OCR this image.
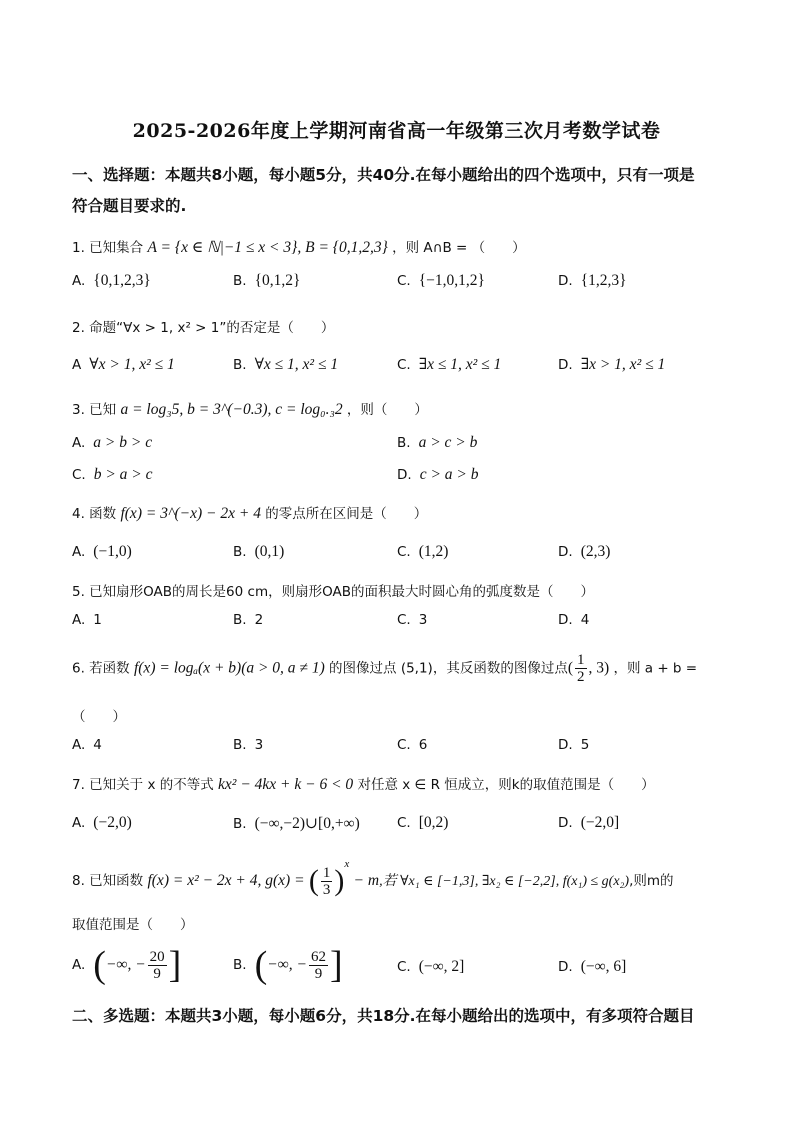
2025-2026年度上学期河南省高一年级第三次月考数学试卷
一、选择题：本题共8小题，每小题5分，共40分.在每小题给出的四个选项中，只有一项是
符合题目要求的.
1. 已知集合 A = {x ∈ ℕ|−1 ≤ x < 3}, B = {0,1,2,3} ，则 A∩B = （　　）
A. {0,1,2,3}	B. {0,1,2}	C. {−1,0,1,2}	D. {1,2,3}
2. 命题“∀x > 1, x² > 1”的否定是（　　）
A ∀x > 1, x² ≤ 1	B. ∀x ≤ 1, x² ≤ 1	C. ∃x ≤ 1, x² ≤ 1	D. ∃x > 1, x² ≤ 1
3. 已知 a = log₃5, b = 3^(−0.3), c = log₀.₃2 ，则（　　）
A. a > b > c	B. a > c > b
C. b > a > c	D. c > a > b
4. 函数 f(x) = 3^(−x) − 2x + 4 的零点所在区间是（　　）
A. (−1,0)	B. (0,1)	C. (1,2)	D. (2,3)
5. 已知扇形OAB的周长是60 cm，则扇形OAB的面积最大时圆心角的弧度数是（　　）
A. 1	B. 2	C. 3	D. 4
6. 若函数 f(x) = logₐ(x + b)(a > 0, a ≠ 1) 的图像过点 (5,1)，其反函数的图像过点( $\frac{1}{2}$ , 3) ，则 a + b =
（　　）
A. 4	B. 3	C. 6	D. 5
7. 已知关于 x 的不等式 kx² − 4kx + k − 6 < 0 对任意 x ∈ R 恒成立，则k的取值范围是（　　）
A. (−2,0)	B. (−∞,−2)∪[0,+∞)	C. [0,2)	D. (−2,0]
8. 已知函数 f(x) = x² − 2x + 4, g(x) = ( $\frac{1}{3} )^x - m$,若 ∀x₁ ∈ [−1,3], ∃x₂ ∈ [−2,2], f(x₁) ≤ g(x₂),则m的
取值范围是（　　）
A. (−∞, − $\frac{20}{9}$ ]	B. (−∞, − $\frac{62}{9}$ ]	C. (−∞, 2]	D. (−∞, 6]
二、多选题：本题共3小题，每小题6分，共18分.在每小题给出的选项中，有多项符合题目
